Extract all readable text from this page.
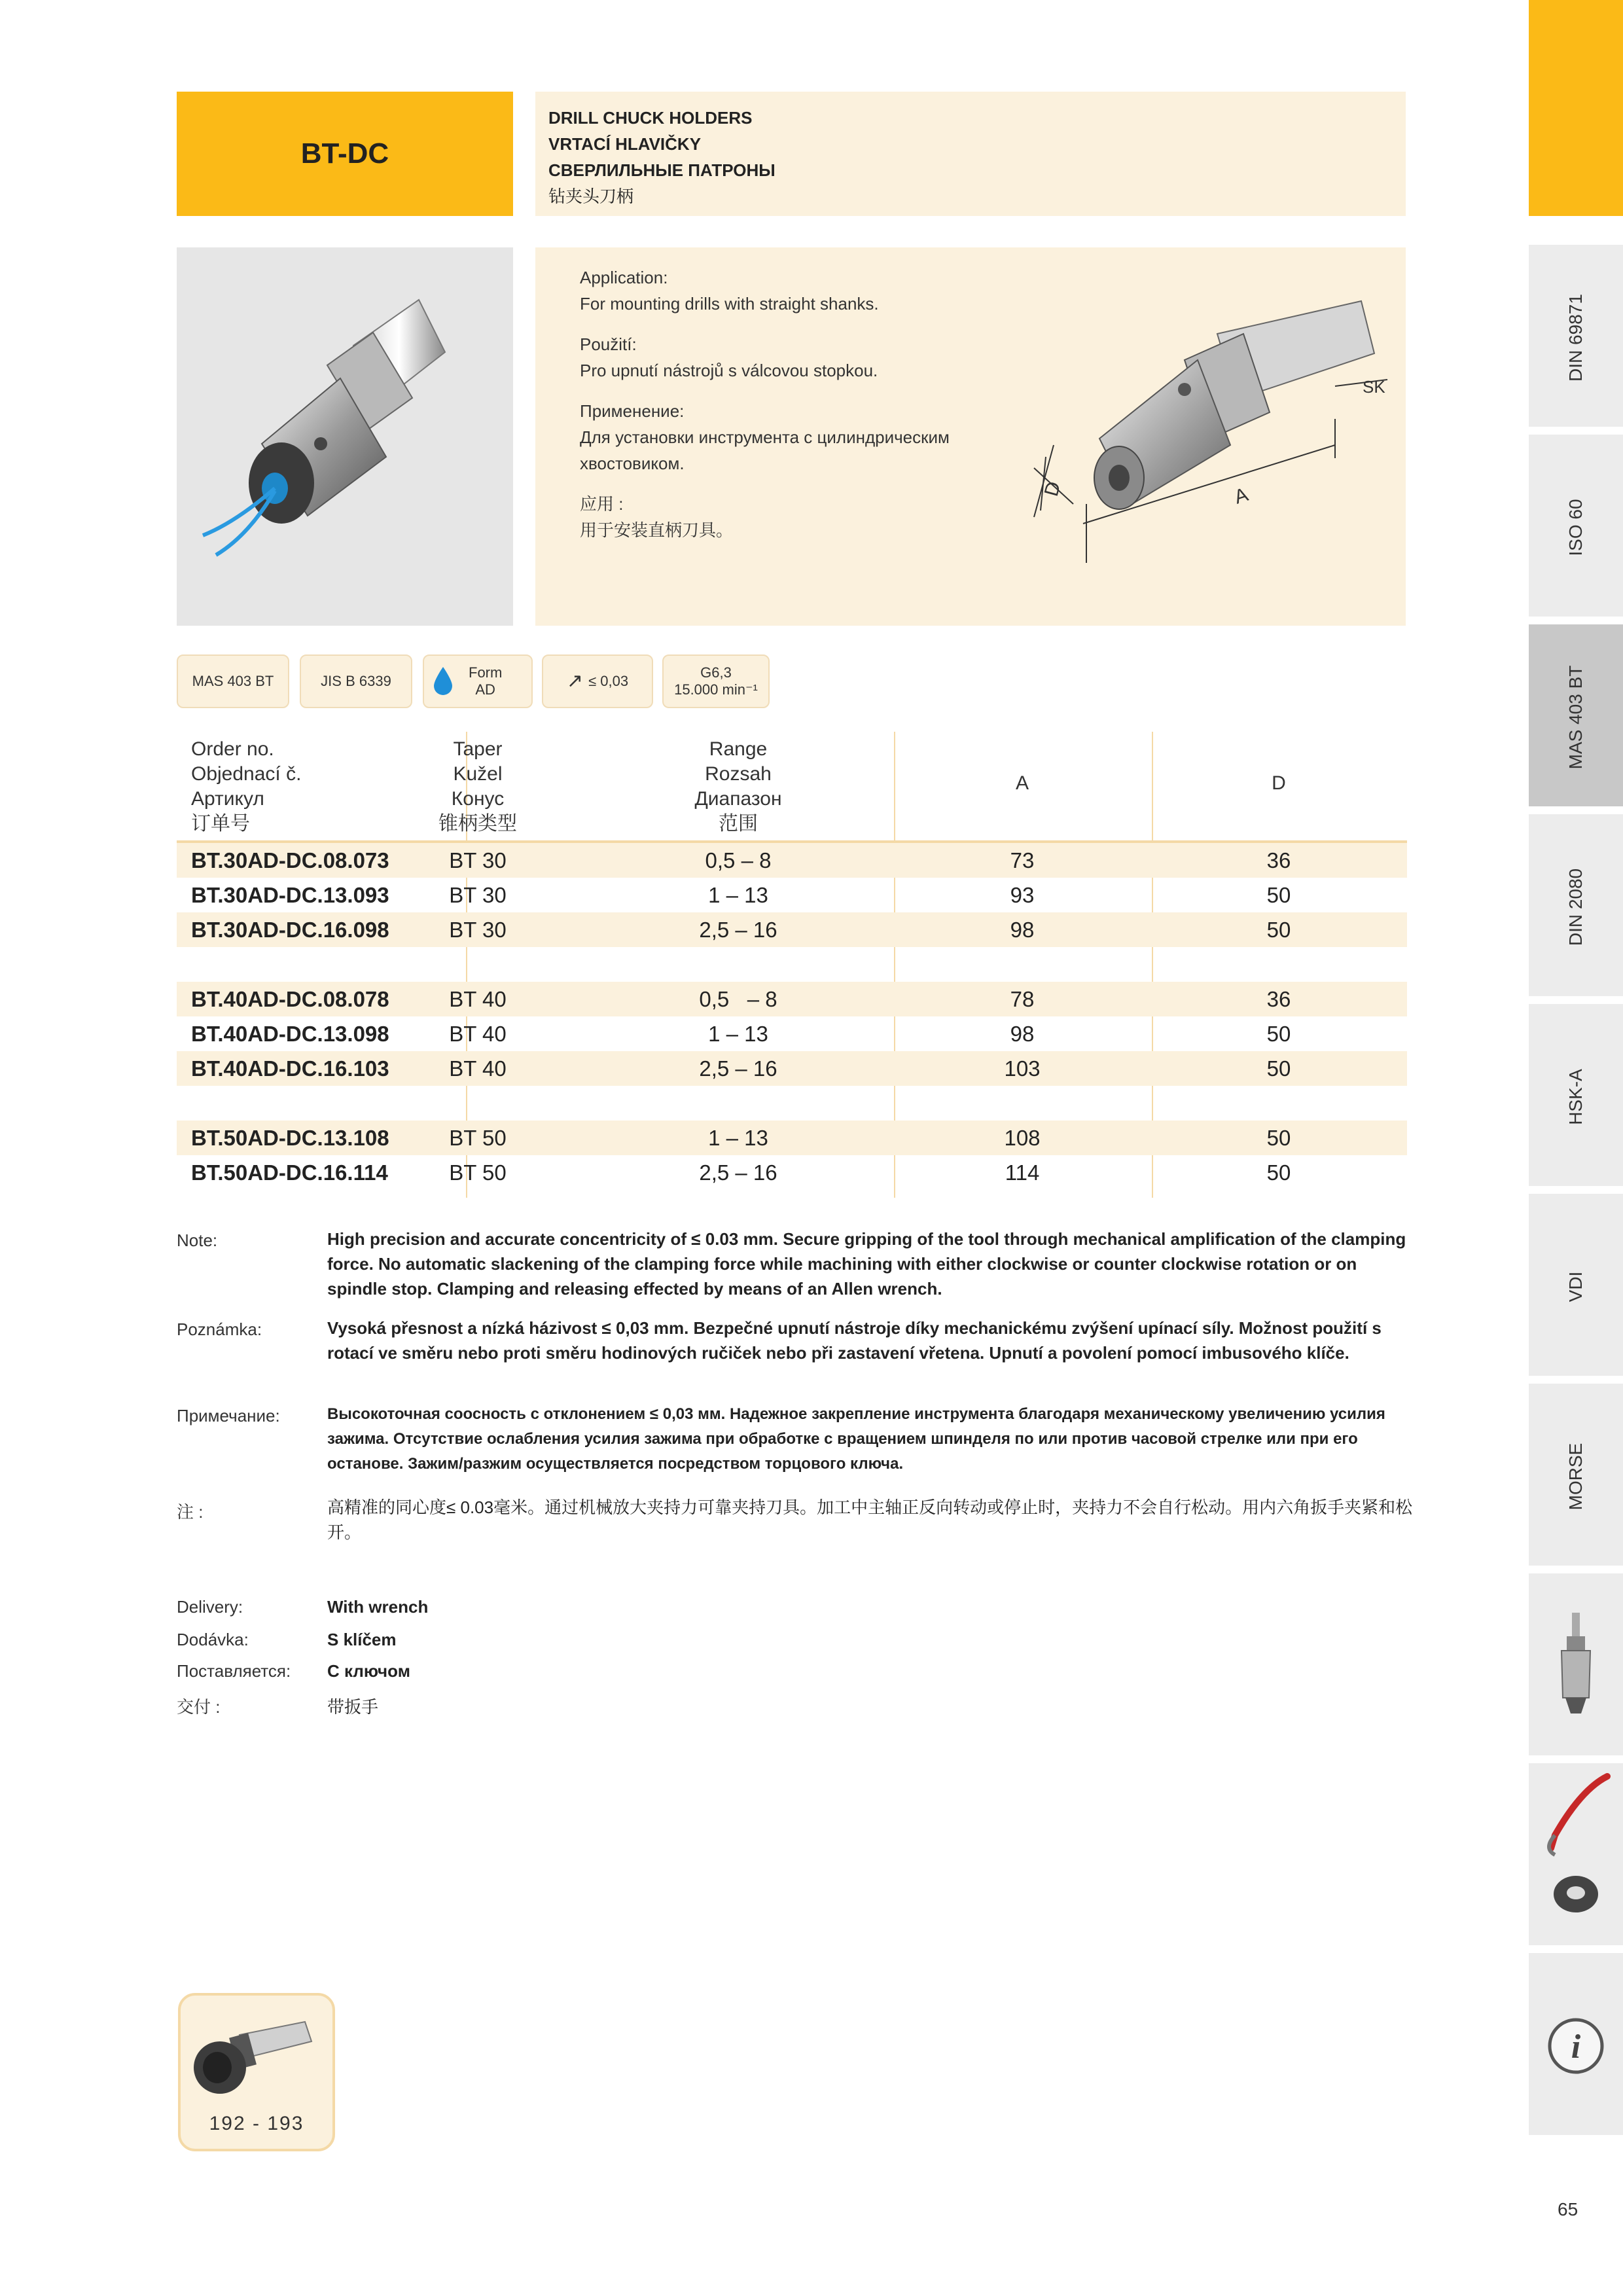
BT-DC
DRILL CHUCK HOLDERS
VRTACÍ HLAVIČKY
СВЕРЛИЛЬНЫЕ ПАТРОНЫ
钻夹头刀柄
Application:
For mounting drills with straight shanks.
Použití:
Pro upnutí nástrojů s válcovou stopkou.
Применение:
Для установки инструмента с цилиндрическим хвостовиком.
应用 :
用于安装直柄刀具。
SK
D	A
MAS 403 BT	JIS B 6339
Form
AD	↗ ≤ 0,03
G6,3
15.000 min⁻¹
Order no.
Objednací č.
Артикул
订单号
Taper
Kužel
Конус
锥柄类型
Range
Rozsah
Диапазон
范围
A	D
BT.30AD-DC.08.073	BT 30	0,5 – 8	73	36
BT.30AD-DC.13.093	BT 30	1 – 13	93	50
BT.30AD-DC.16.098	BT 30	2,5 – 16	98	50
BT.40AD-DC.08.078	BT 40	0,5   – 8	78	36
BT.40AD-DC.13.098	BT 40	1 – 13	98	50
BT.40AD-DC.16.103	BT 40	2,5 – 16	103	50
BT.50AD-DC.13.108	BT 50	1 – 13	108	50
BT.50AD-DC.16.114	BT 50	2,5 – 16	114	50
Note:	High precision and accurate concentricity of ≤ 0.03 mm. Secure gripping of the tool through mechanical amplification of the clamping force. No automatic slackening of the clamping force while machining with either clockwise or counter clockwise rotation or on spindle stop. Clamping and releasing effected by means of an Allen wrench.
Poznámka:	Vysoká přesnost a nízká házivost ≤ 0,03 mm. Bezpečné upnutí nástroje díky mechanickému zvýšení upínací síly. Možnost použití s rotací ve směru nebo proti směru hodinových ručiček nebo při zastavení vřetena. Upnutí a povolení pomocí imbusového klíče.
Примечание:	Высокоточная соосность с отклонением ≤ 0,03 мм. Надежное закрепление инструмента благодаря механическому увеличению усилия зажима. Отсутствие ослабления усилия зажима при обработке с вращением шпинделя по или против часовой стрелке или при его останове. Зажим/разжим осуществляется посредством торцового ключа.
注 :	高精准的同心度≤ 0.03毫米。通过机械放大夹持力可靠夹持刀具。加工中主轴正反向转动或停止时，夹持力不会自行松动。用内六角扳手夹紧和松开。
Delivery:	With wrench
Dodávka:	S klíčem
Поставляется: С ключом
交付 :	带扳手
192 - 193
DIN 69871
ISO 60
MAS 403 BT
DIN 2080
HSK-A
VDI
MORSE
i
65
